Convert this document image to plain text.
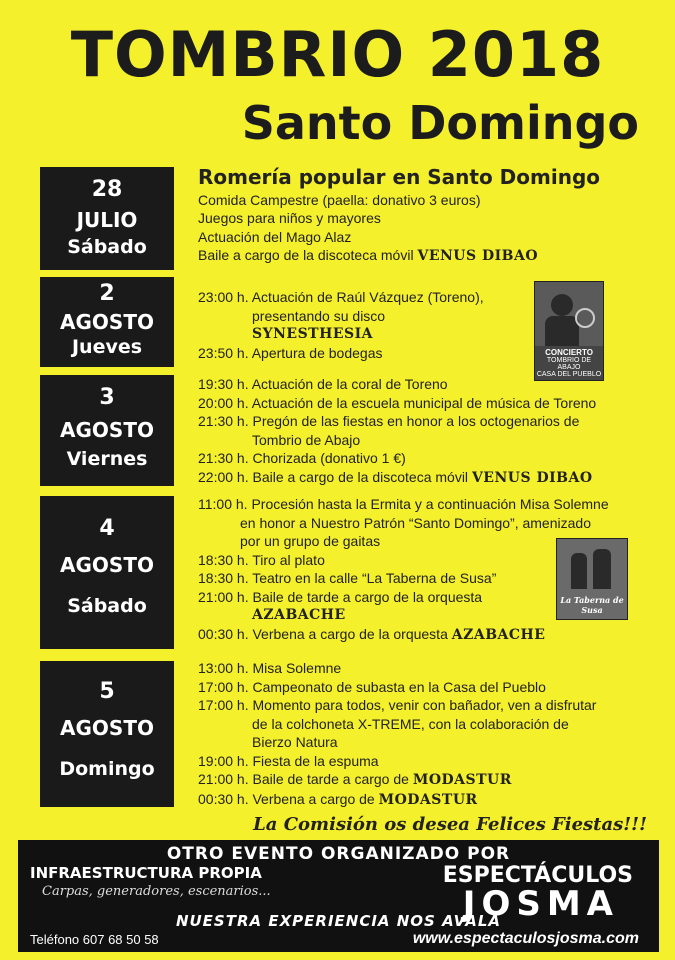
TOMBRIO 2018
Santo Domingo
28
JULIO
Sábado
Romería popular en Santo Domingo
Comida Campestre (paella: donativo 3 euros)
Juegos para niños y mayores
Actuación del Mago Alaz
Baile a cargo de la discoteca móvil VENUS DIBAO
2
AGOSTO
Jueves
23:00 h. Actuación de Raúl Vázquez (Toreno),
presentando su disco
SYNESTHESIA
23:50 h. Apertura de bodegas	CONCIERTO
TOMBRIO DE ABAJO
CASA DEL PUEBLO
3
AGOSTO
Viernes
19:30 h. Actuación de la coral de Toreno
20:00 h. Actuación de la escuela municipal de música de Toreno
21:30 h. Pregón de las fiestas en honor a los octogenarios de
Tombrio de Abajo
21:30 h. Chorizada (donativo 1 €)
22:00 h. Baile a cargo de la discoteca móvil VENUS DIBAO
4
AGOSTO
Sábado
11:00 h. Procesión hasta la Ermita y a continuación Misa Solemne
en honor a Nuestro Patrón “Santo Domingo”, amenizado
por un grupo de gaitas
18:30 h. Tiro al plato
18:30 h. Teatro en la calle “La Taberna de Susa”
21:00 h. Baile de tarde a cargo de la orquesta
AZABACHE
00:30 h. Verbena a cargo de la orquesta AZABACHE
La Taberna de Susa
5
AGOSTO
Domingo
13:00 h. Misa Solemne
17:00 h. Campeonato de subasta en la Casa del Pueblo
17:00 h. Momento para todos, venir con bañador, ven a disfrutar
de la colchoneta X-TREME, con la colaboración de
Bierzo Natura
19:00 h. Fiesta de la espuma
21:00 h. Baile de tarde a cargo de MODASTUR
00:30 h. Verbena a cargo de MODASTUR
La Comisión os desea Felices Fiestas!!!
OTRO EVENTO ORGANIZADO POR
INFRAESTRUCTURA PROPIA
Carpas, generadores, escenarios...
ESPECTÁCULOS
JOSMA
NUESTRA EXPERIENCIA NOS AVALA
Teléfono 607 68 50 58	www.espectaculosjosma.com
